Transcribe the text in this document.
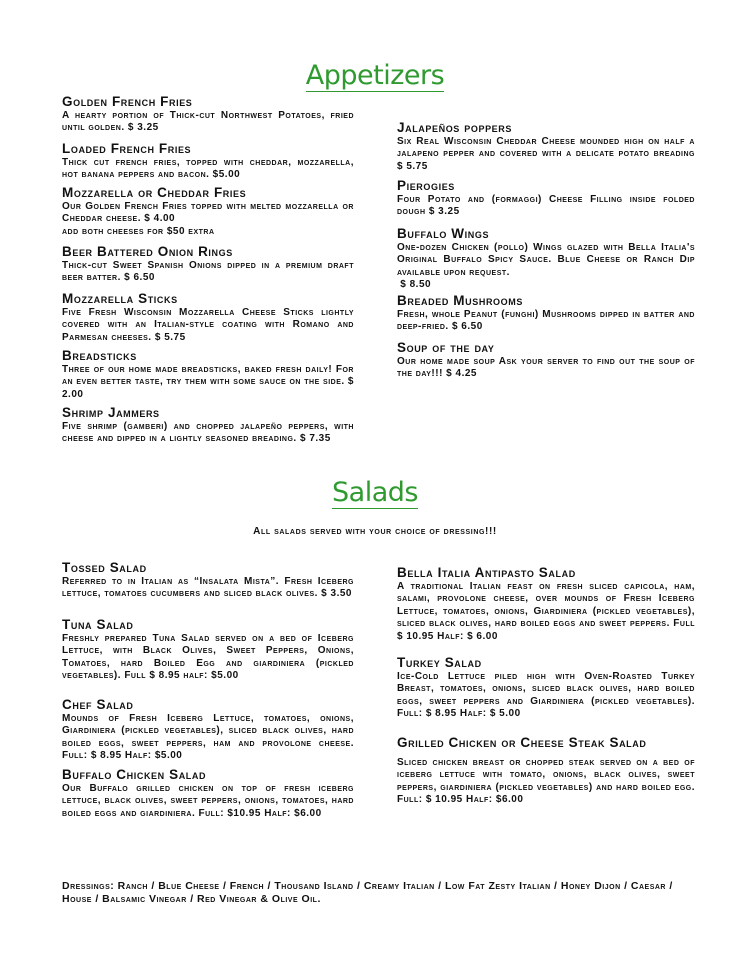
Appetizers
Golden French Fries

A hearty portion of Thick-cut Northwest Potatoes, fried until golden. $ 3.25

Loaded French Fries

Thick cut french fries, topped with cheddar, mozzarella, hot banana peppers and bacon. $5.00

Mozzarella or Cheddar Fries

Our Golden French Fries topped with melted mozzarella or Cheddar cheese. $ 4.00

add both cheeses for $50 extra

Beer Battered Onion Rings

Thick-cut Sweet Spanish Onions dipped in a premium draft beer batter. $ 6.50

Mozzarella Sticks

Five Fresh Wisconsin Mozzarella Cheese Sticks lightly covered with an Italian-style coating with Romano and Parmesan cheeses. $ 5.75

Breadsticks

Three of our home made breadsticks, baked fresh daily! For an even better taste, try them with some sauce on the side. $ 2.00

Shrimp Jammers

Five shrimp (gamberi) and chopped jalapeño peppers, with cheese and dipped in a lightly seasoned breading. $ 7.35

Jalapeños poppers

Six Real Wisconsin Cheddar Cheese mounded high on half a jalapeno pepper and covered with a delicate potato breading $ 5.75

Pierogies

Four Potato and (formaggi) Cheese Filling inside folded dough $ 3.25

Buffalo Wings

One-dozen Chicken (pollo) Wings glazed with Bella Italia's Original Buffalo Spicy Sauce. Blue Cheese or Ranch Dip available upon request.

$ 8.50

Breaded Mushrooms

Fresh, whole Peanut (funghi) Mushrooms dipped in batter and deep-fried. $ 6.50

Soup of the day

Our home made soup Ask your server to find out the soup of the day!!! $ 4.25

Salads
All salads served with your choice of dressing!!!
Tossed Salad

Referred to in Italian as “Insalata Mista”. Fresh Iceberg lettuce, tomatoes cucumbers and sliced black olives. $ 3.50

Tuna Salad

Freshly prepared Tuna Salad served on a bed of Iceberg Lettuce, with Black Olives, Sweet Peppers, Onions, Tomatoes, hard Boiled Egg and giardiniera (pickled vegetables). Full $ 8.95 half: $5.00

Chef Salad

Mounds of Fresh Iceberg Lettuce, tomatoes, onions, Giardiniera (pickled vegetables), sliced black olives, hard boiled eggs, sweet peppers, ham and provolone cheese. Full: $ 8.95 Half: $5.00

Buffalo Chicken Salad

Our Buffalo grilled chicken on top of fresh iceberg lettuce, black olives, sweet peppers, onions, tomatoes, hard boiled eggs and giardiniera. Full: $10.95 Half: $6.00

Bella Italia Antipasto Salad

A traditional Italian feast on fresh sliced capicola, ham, salami, provolone cheese, over mounds of Fresh Iceberg Lettuce, tomatoes, onions, Giardiniera (pickled vegetables), sliced black olives, hard boiled eggs and sweet peppers. Full $ 10.95 Half: $ 6.00

Turkey Salad

Ice-Cold Lettuce piled high with Oven-Roasted Turkey Breast, tomatoes, onions, sliced black olives, hard boiled eggs, sweet peppers and Giardiniera (pickled vegetables). Full: $ 8.95 Half: $ 5.00

Grilled Chicken or Cheese Steak Salad

Sliced chicken breast or chopped steak served on a bed of iceberg lettuce with tomato, onions, black olives, sweet peppers, giardiniera (pickled vegetables) and hard boiled egg. Full: $ 10.95 Half: $6.00

Dressings: Ranch / Blue Cheese / French / Thousand Island / Creamy Italian / Low Fat Zesty Italian / Honey Dijon / Caesar / House / Balsamic Vinegar / Red Vinegar & Olive Oil.
